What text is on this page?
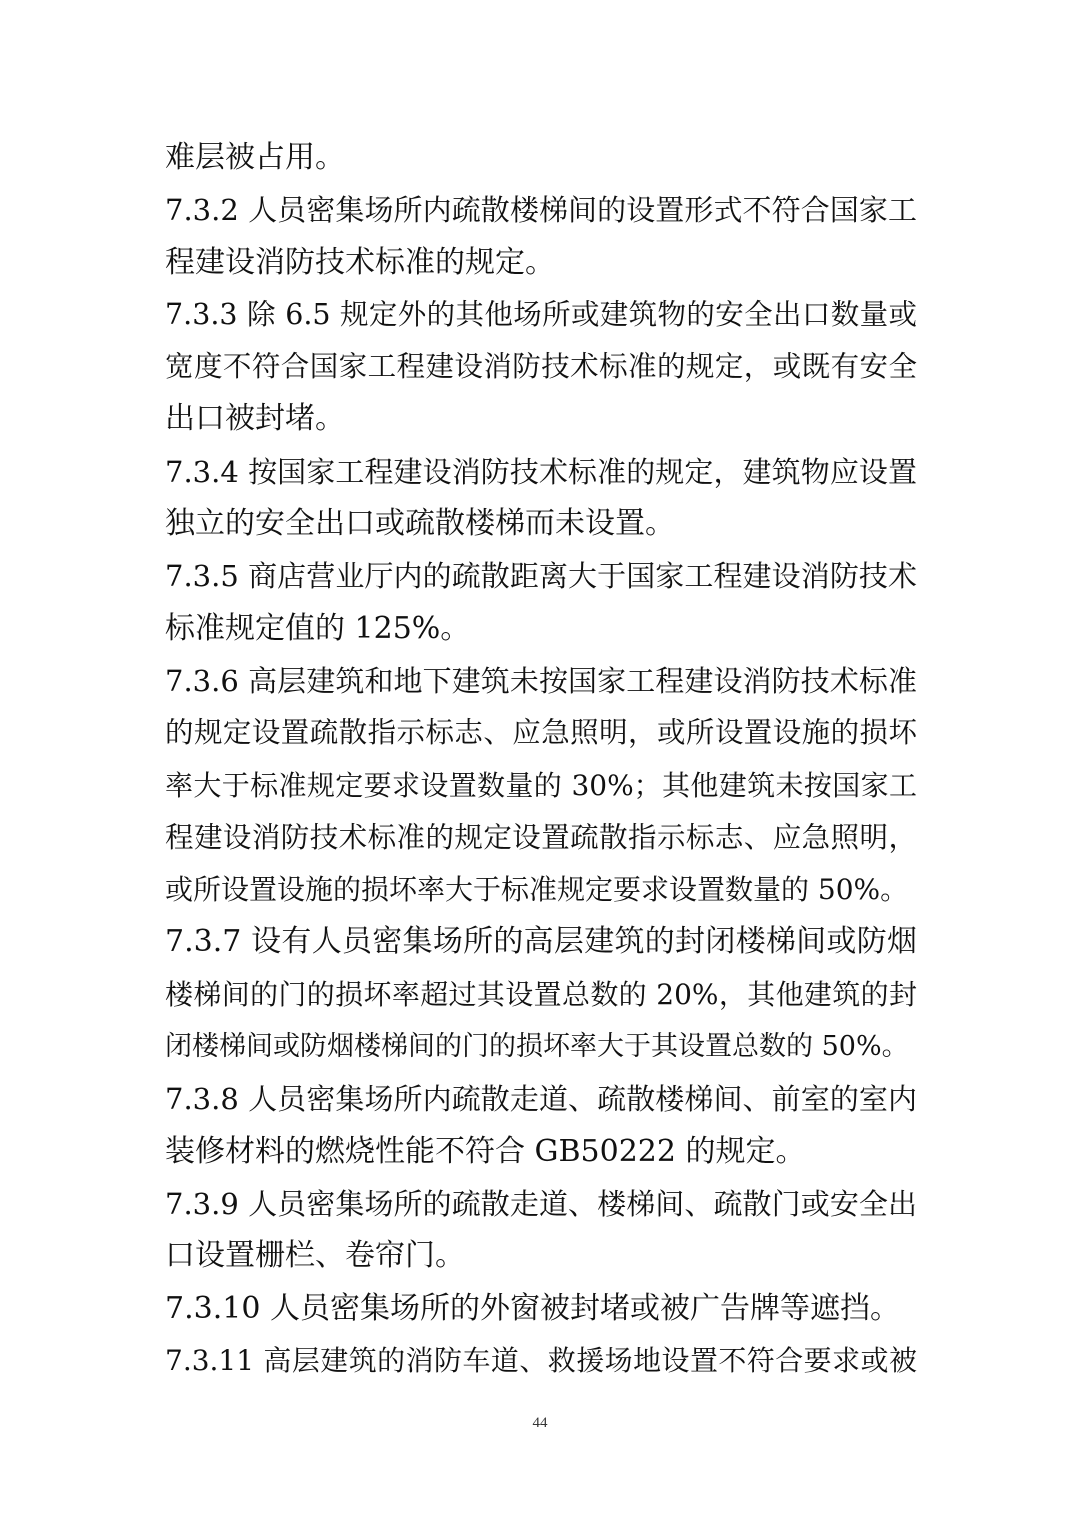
难层被占用。
7.3.2 人员密集场所内疏散楼梯间的设置形式不符合国家工
程建设消防技术标准的规定。
7.3.3 除 6.5 规定外的其他场所或建筑物的安全出口数量或
宽度不符合国家工程建设消防技术标准的规定，或既有安全
出口被封堵。
7.3.4 按国家工程建设消防技术标准的规定，建筑物应设置
独立的安全出口或疏散楼梯而未设置。
7.3.5 商店营业厅内的疏散距离大于国家工程建设消防技术
标准规定值的 125%。
7.3.6 高层建筑和地下建筑未按国家工程建设消防技术标准
的规定设置疏散指示标志、应急照明，或所设置设施的损坏
率大于标准规定要求设置数量的 30%；其他建筑未按国家工
程建设消防技术标准的规定设置疏散指示标志、应急照明，
或所设置设施的损坏率大于标准规定要求设置数量的 50%。
7.3.7 设有人员密集场所的高层建筑的封闭楼梯间或防烟
楼梯间的门的损坏率超过其设置总数的 20%，其他建筑的封
闭楼梯间或防烟楼梯间的门的损坏率大于其设置总数的 50%。
7.3.8 人员密集场所内疏散走道、疏散楼梯间、前室的室内
装修材料的燃烧性能不符合 GB50222 的规定。
7.3.9 人员密集场所的疏散走道、楼梯间、疏散门或安全出
口设置栅栏、卷帘门。
7.3.10 人员密集场所的外窗被封堵或被广告牌等遮挡。
7.3.11 高层建筑的消防车道、救援场地设置不符合要求或被
44
